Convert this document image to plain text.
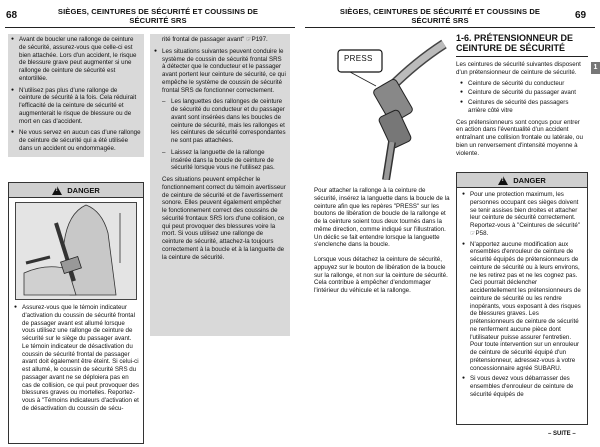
68	SIÈGES, CEINTURES DE SÉCURITÉ ET COUSSINS DE
SÉCURITÉ SRS
● Avant de boucler une rallonge de ceinture de sécurité, assurez-vous que celle-ci est bien attachée. Lors d'un accident, le risque de blessure grave peut augmenter si une rallonge de ceinture de sécurité est entortillée.
● N'utilisez pas plus d'une rallonge de ceinture de sécurité à la fois. Cela réduirait l'efficacité de la ceinture de sécurité et augmenterait le risque de blessure ou de mort en cas d'accident.
● Ne vous servez en aucun cas d'une rallonge de ceinture de sécurité qui a été utilisée dans un accident ou endommagée.
! DANGER
● Assurez-vous que le témoin indicateur d'activation du coussin de sécurité frontal de passager avant est allumé lorsque vous utilisez une rallonge de ceinture de sécurité sur le siège du passager avant. Le témoin indicateur de désactivation du coussin de sécurité frontal de passager avant doit également être éteint. Si celui-ci est allumé, le coussin de sécurité SRS du passager avant ne se déploiera pas en cas de collision, ce qui peut provoquer des blessures graves ou mortelles. Reportez-vous à "Témoins indicateurs d'activation et de désactivation du coussin de sécu-
rité frontal de passager avant" ☞P197.
● Les situations suivantes peuvent conduire le système de coussin de sécurité frontal SRS à détecter que le conducteur et le passager avant portent leur ceinture de sécurité, ce qui empêche le système de coussin de sécurité frontal SRS de fonctionner correctement.
– Les languettes des rallonges de ceinture de sécurité du conducteur et du passager avant sont insérées dans les boucles de ceinture de sécurité, mais les rallonges et les ceintures de sécurité correspondantes ne sont pas attachées.
– Laissez la languette de la rallonge insérée dans la boucle de ceinture de sécurité lorsque vous ne l'utilisez pas.
Ces situations peuvent empêcher le fonctionnement correct du témoin avertisseur de ceinture de sécurité et de l'avertissement sonore. Elles peuvent également empêcher le fonctionnement correct des coussins de sécurité frontaux SRS lors d'une collision, ce qui peut provoquer des blessures voire la mort. Si vous utilisez une rallonge de ceinture de sécurité, attachez-la toujours correctement à la boucle et à la languette de la ceinture de sécurité.
SIÈGES, CEINTURES DE SÉCURITÉ ET COUSSINS DE
SÉCURITÉ SRS	69
PRESS
Pour attacher la rallonge à la ceinture de sécurité, insérez la languette dans la boucle de la ceinture afin que les repères "PRESS" sur les boutons de libération de boucle de la rallonge et de la ceinture soient tous deux tournés dans la même direction, comme indiqué sur l'illustration. Un déclic se fait entendre lorsque la languette s'enclenche dans la boucle.
Lorsque vous détachez la ceinture de sécurité, appuyez sur le bouton de libération de la boucle sur la rallonge, et non sur la ceinture de sécurité. Cela contribue à empêcher d'endommager l'intérieur du véhicule et la rallonge.
1-6. PRÉTENSIONNEUR DE
CEINTURE DE SÉCURITÉ
Les ceintures de sécurité suivantes disposent d'un prétensionneur de ceinture de sécurité.
● Ceinture de sécurité du conducteur
● Ceinture de sécurité du passager avant
● Ceintures de sécurité des passagers arrière côté vitre
Ces prétensionneurs sont conçus pour entrer en action dans l'éventualité d'un accident entraînant une collision frontale ou latérale, ou bien un renversement d'intensité moyenne à violente.
! DANGER
● Pour une protection maximum, les personnes occupant ces sièges doivent se tenir assises bien droites et attacher leur ceinture de sécurité correctement. Reportez-vous à "Ceintures de sécurité" ☞P58.
● N'apportez aucune modification aux ensembles d'enrouleur de ceinture de sécurité équipés de prétensionneurs de ceinture de sécurité ou à leurs environs, ne les retirez pas et ne les cognez pas. Ceci pourrait déclencher accidentellement les prétensionneurs de ceinture de sécurité ou les rendre inopérants, vous exposant à des risques de blessures graves. Les prétensionneurs de ceinture de sécurité ne renferment aucune pièce dont l'utilisateur puisse assurer l'entretien. Pour toute intervention sur un enrouleur de ceinture de sécurité équipé d'un prétensionneur, adressez-vous à votre concessionnaire agréé SUBARU.
● Si vous devez vous débarrasser des ensembles d'enrouleur de ceinture de sécurité équipés de
1
– SUITE –
